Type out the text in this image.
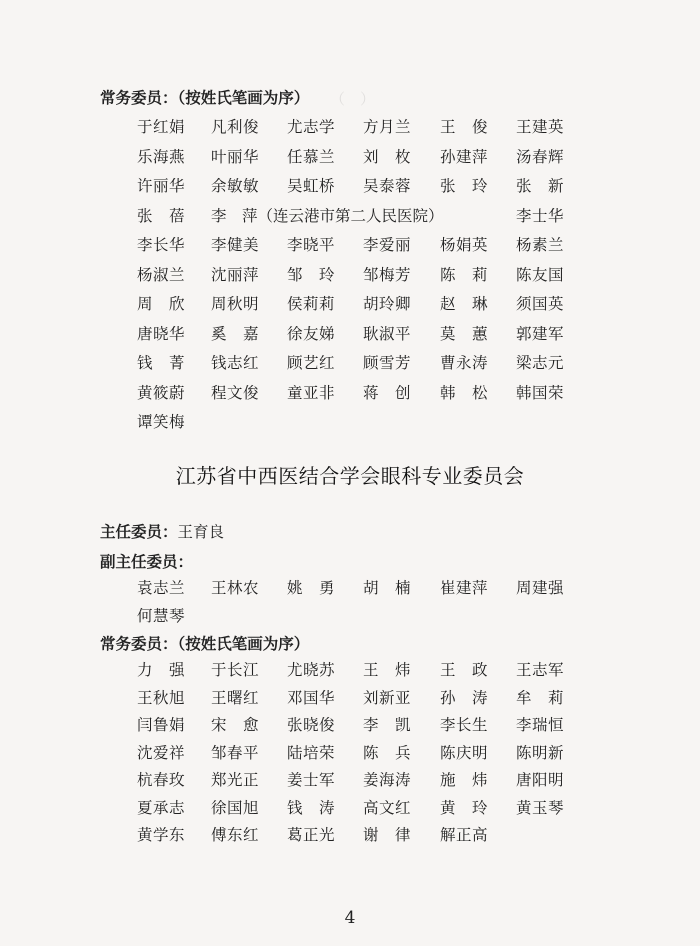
（　）
常务委员：（按姓氏笔画为序）
于红娟 凡利俊 尤志学 方月兰 王　俊 王建英
乐海燕 叶丽华 任慕兰 刘　枚 孙建萍 汤春辉
许丽华 余敏敏 吴虹桥 吴泰蓉 张　玲 张　新
张　蓓 李　萍（连云港市第二人民医院）	李士华
李长华 李健美 李晓平 李爱丽 杨娟英 杨素兰
杨淑兰 沈丽萍 邹　玲 邹梅芳 陈　莉 陈友国
周　欣 周秋明 侯莉莉 胡玲卿 赵　琳 须国英
唐晓华 奚　嘉 徐友娣 耿淑平 莫　蕙 郭建军
钱　菁 钱志红 顾艺红 顾雪芳 曹永涛 梁志元
黄筱蔚 程文俊 童亚非 蒋　创 韩　松 韩国荣
谭笑梅
江苏省中西医结合学会眼科专业委员会
主任委员：王育良
副主任委员：
袁志兰 王林农 姚　勇 胡　楠 崔建萍 周建强
何慧琴
常务委员：（按姓氏笔画为序）
力　强 于长江 尤晓苏 王　炜 王　政 王志军
王秋旭 王曙红 邓国华 刘新亚 孙　涛 牟　莉
闫鲁娟 宋　愈 张晓俊 李　凯 李长生 李瑞恒
沈爱祥 邹春平 陆培荣 陈　兵 陈庆明 陈明新
杭春玫 郑光正 姜士军 姜海涛 施　炜 唐阳明
夏承志 徐国旭 钱　涛 高文红 黄　玲 黄玉琴
黄学东 傅东红 葛正光 谢　律 解正高
4
